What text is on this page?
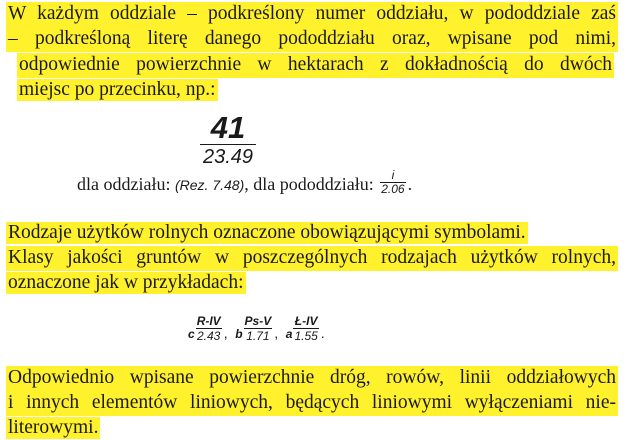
W każdym oddziale – podkreślony numer oddziału, w pododdziale zaś
– podkreśloną literę danego pododdziału oraz, wpisane pod nimi,
odpowiednie powierzchnie w hektarach z dokładnością do dwóch
miejsc po przecinku, np.:
41
23.49
dla oddziału: (Rez. 7.48), dla pododdziału: $\frac{i}{2.06}$ .
Rodzaje użytków rolnych oznaczone obowiązującymi symbolami.
Klasy jakości gruntów w poszczególnych rodzajach użytków rolnych,
oznaczone jak w przykładach:
c $\frac{R-IV}{2.43}$ , b $\frac{Ps-V}{1.71}$ , a $\frac{Ł-IV}{1.55}$ .
Odpowiednio wpisane powierzchnie dróg, rowów, linii oddziałowych
i innych elementów liniowych, będących liniowymi wyłączeniami nie-
literowymi.
